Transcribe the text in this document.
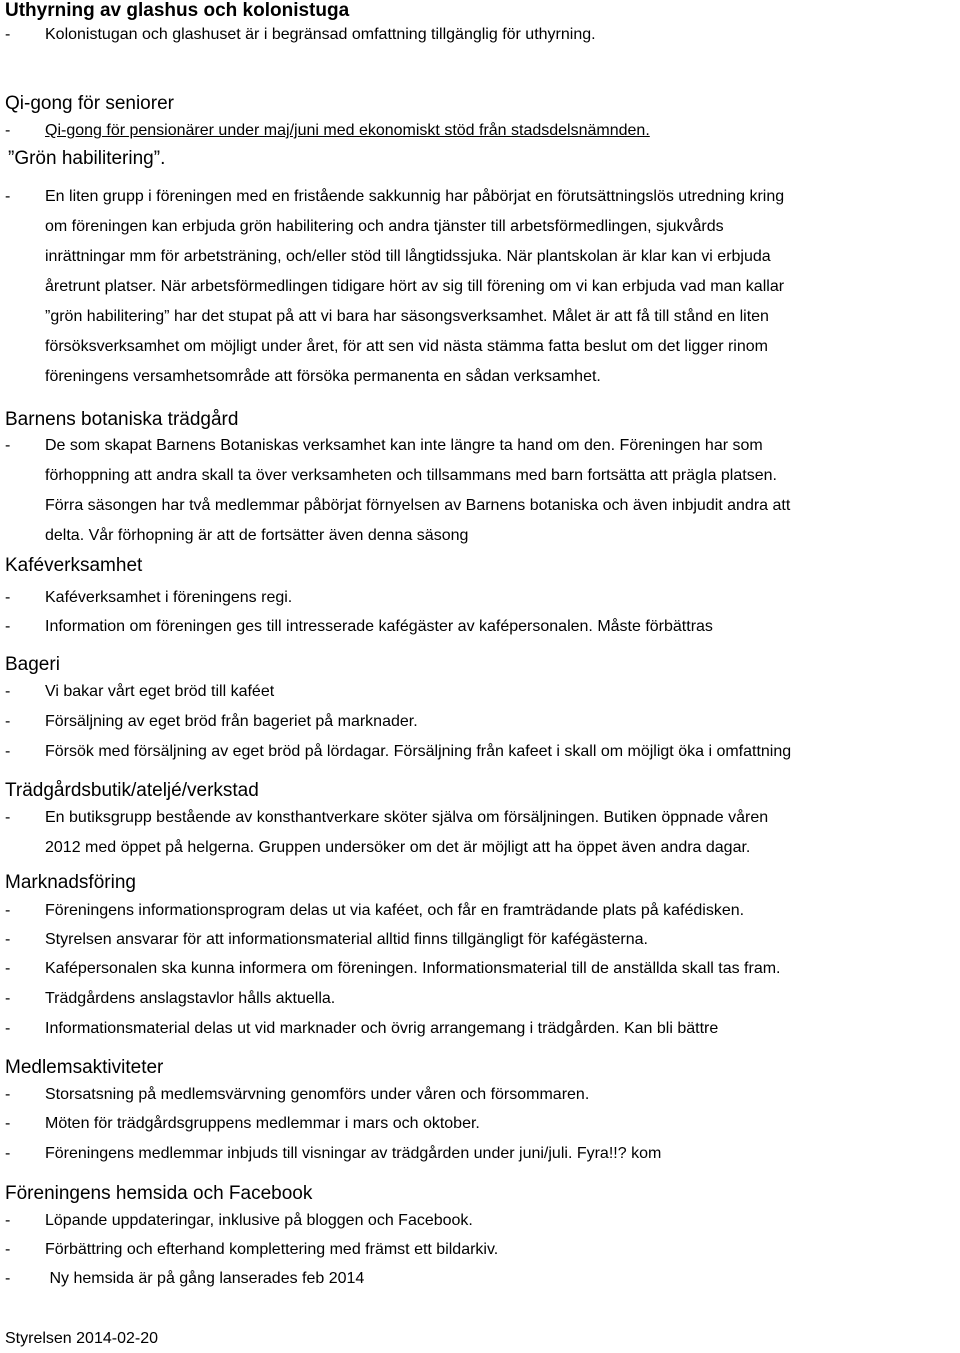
Uthyrning av glashus och kolonistuga
-	Kolonistugan och glashuset är i begränsad omfattning tillgänglig för uthyrning.
Qi-gong för seniorer
-	Qi-gong för pensionärer under maj/juni med ekonomiskt stöd från stadsdelsnämnden.
”Grön habilitering”.
-	En liten grupp i föreningen med en fristående sakkunnig har påbörjat en förutsättningslös utredning kring
om föreningen kan erbjuda grön habilitering och andra tjänster till arbetsförmedlingen, sjukvårds
inrättningar mm för arbetsträning, och/eller stöd till långtidssjuka. När plantskolan är klar kan vi erbjuda
åretrunt platser. När arbetsförmedlingen tidigare hört av sig till förening om vi kan erbjuda vad man kallar
”grön habilitering” har det stupat på att vi bara har säsongsverksamhet. Målet är att få till stånd en liten
försöksverksamhet om möjligt under året, för att sen vid nästa stämma fatta beslut om det ligger rinom
föreningens versamhetsområde att försöka permanenta en sådan verksamhet.
Barnens botaniska trädgård
-	De som skapat Barnens Botaniskas verksamhet kan inte längre ta hand om den. Föreningen har som
förhoppning att andra skall ta över verksamheten och tillsammans med barn fortsätta att prägla platsen.
Förra säsongen har två medlemmar påbörjat förnyelsen av Barnens botaniska och även inbjudit andra att
delta. Vår förhopning är att de fortsätter även denna säsong
Kaféverksamhet
-	Kaféverksamhet i föreningens regi.
-	Information om föreningen ges till intresserade kafégäster av kafépersonalen. Måste förbättras
Bageri
-	Vi bakar vårt eget bröd till kaféet
-	Försäljning av eget bröd från bageriet på marknader.
-	Försök med försäljning av eget bröd på lördagar. Försäljning från kafeet i skall om möjligt öka i omfattning
Trädgårdsbutik/ateljé/verkstad
-	En butiksgrupp bestående av konsthantverkare sköter själva om försäljningen. Butiken öppnade våren
2012 med öppet på helgerna. Gruppen undersöker om det är möjligt att ha öppet även andra dagar.
Marknadsföring
-	Föreningens informationsprogram delas ut via kaféet, och får en framträdande plats på kafédisken.
-	Styrelsen ansvarar för att informationsmaterial alltid finns tillgängligt för kafégästerna.
-	Kafépersonalen ska kunna informera om föreningen. Informationsmaterial till de anställda skall tas fram.
-	Trädgårdens anslagstavlor hålls aktuella.
-	Informationsmaterial delas ut vid marknader och övrig arrangemang i trädgården. Kan bli bättre
Medlemsaktiviteter
-	Storsatsning på medlemsvärvning genomförs under våren och försommaren.
-	Möten för trädgårdsgruppens medlemmar i mars och oktober.
-	Föreningens medlemmar inbjuds till visningar av trädgården under juni/juli. Fyra!!? kom
Föreningens hemsida och Facebook
-	Löpande uppdateringar, inklusive på bloggen och Facebook.
-	Förbättring och efterhand komplettering med främst ett bildarkiv.
-	Ny hemsida är på gång lanserades feb 2014
Styrelsen 2014-02-20
